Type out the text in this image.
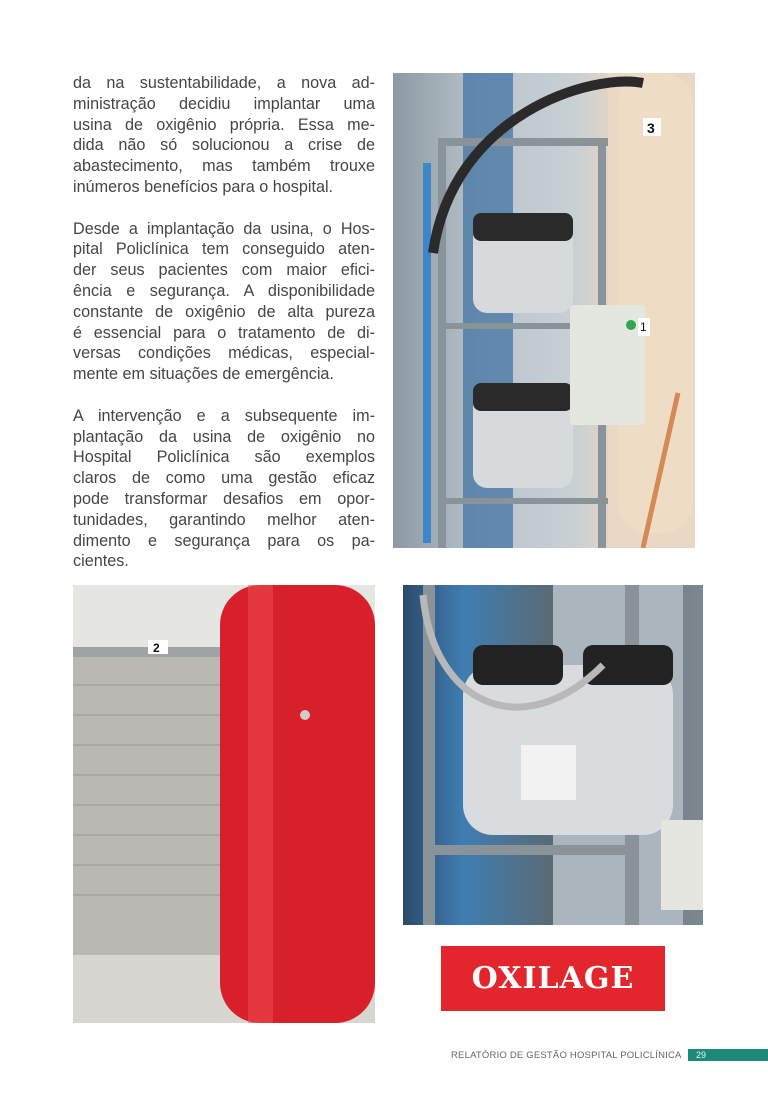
da na sustentabilidade, a nova ad-
ministração decidiu implantar uma
usina de oxigênio própria. Essa me-
dida não só solucionou a crise de
abastecimento, mas também trouxe
inúmeros benefícios para o hospital.
Desde a implantação da usina, o Hos-
pital Policlínica tem conseguido aten-
der seus pacientes com maior efici-
ência e segurança. A disponibilidade
constante de oxigênio de alta pureza
é essencial para o tratamento de di-
versas condições médicas, especial-
mente em situações de emergência.
A intervenção e a subsequente im-
plantação da usina de oxigênio no
Hospital Policlínica são exemplos
claros de como uma gestão eficaz
pode transformar desafios em opor-
tunidades, garantindo melhor aten-
dimento e segurança para os pa-
cientes.
1
3
2
OXILAGE
RELATÓRIO DE GESTÃO HOSPITAL POLICLÍNICA	29
